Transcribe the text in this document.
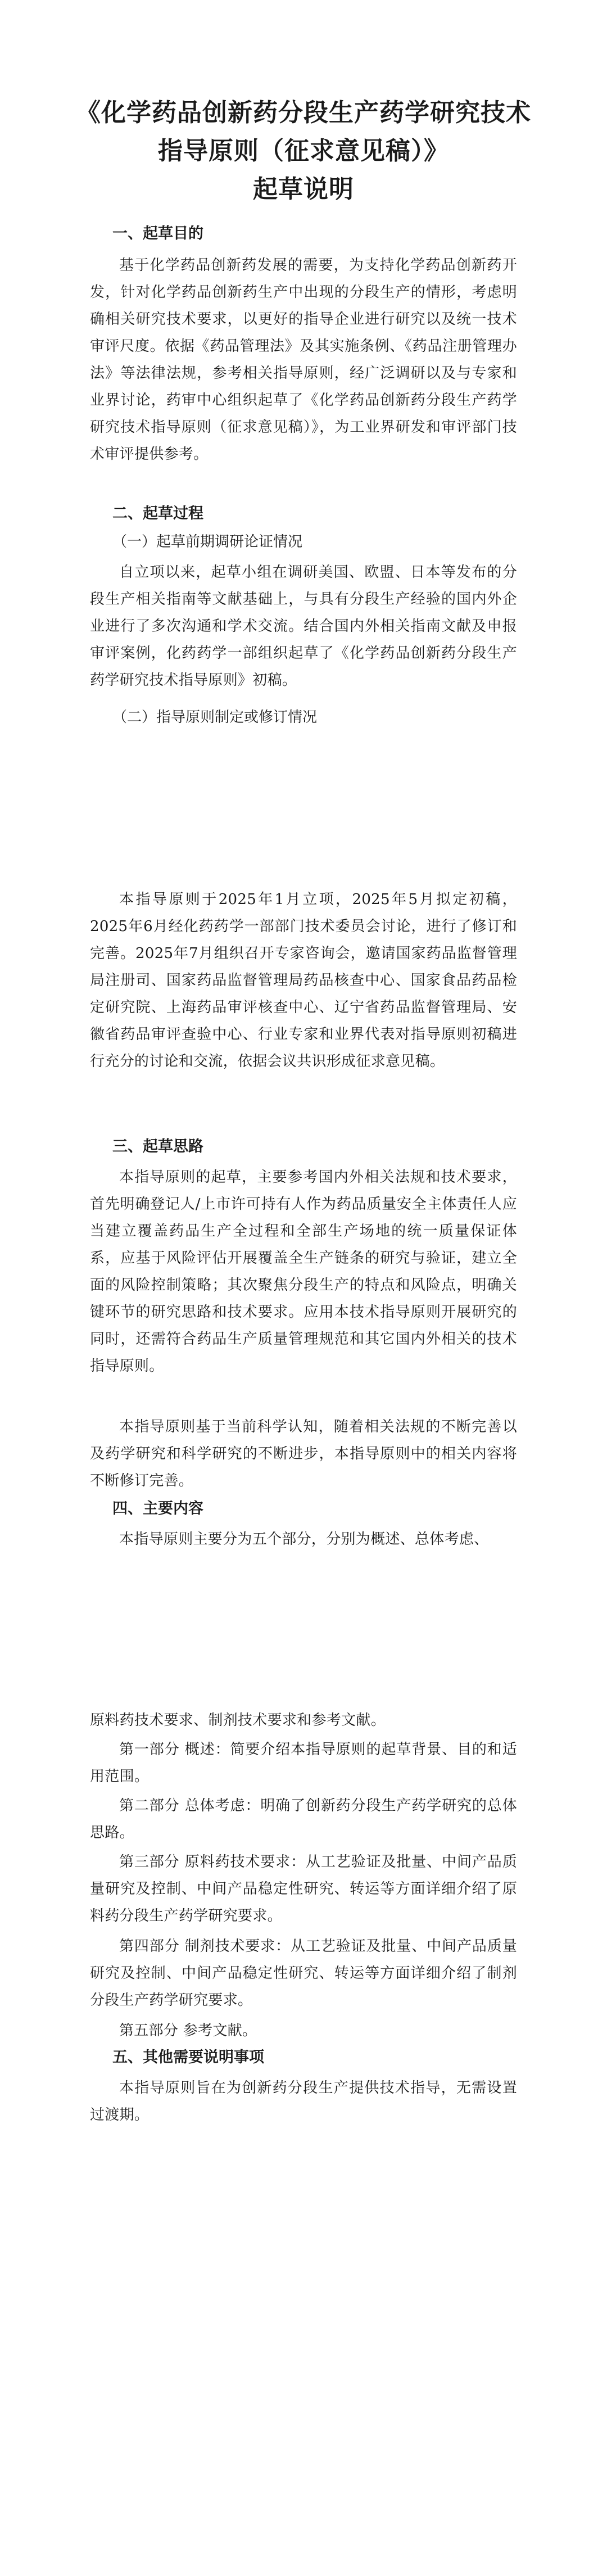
《化学药品创新药分段生产药学研究技术
指导原则（征求意见稿）》
起草说明
一、起草目的

基于化学药品创新药发展的需要，为支持化学药品创新药开发，针对化学药品创新药生产中出现的分段生产的情形，考虑明确相关研究技术要求，以更好的指导企业进行研究以及统一技术审评尺度。依据《药品管理法》及其实施条例、《药品注册管理办法》等法律法规，参考相关指导原则，经广泛调研以及与专家和业界讨论，药审中心组织起草了《化学药品创新药分段生产药学研究技术指导原则（征求意见稿）》，为工业界研发和审评部门技术审评提供参考。

二、起草过程
（一）起草前期调研论证情况

自立项以来，起草小组在调研美国、欧盟、日本等发布的分段生产相关指南等文献基础上，与具有分段生产经验的国内外企业进行了多次沟通和学术交流。结合国内外相关指南文献及申报审评案例，化药药学一部组织起草了《化学药品创新药分段生产药学研究技术指导原则》初稿。

（二）指导原则制定或修订情况

本指导原则于2025年1月立项，2025年5月拟定初稿，2025年6月经化药药学一部部门技术委员会讨论，进行了修订和完善。2025年7月组织召开专家咨询会，邀请国家药品监督管理局注册司、国家药品监督管理局药品核查中心、国家食品药品检定研究院、上海药品审评核查中心、辽宁省药品监督管理局、安徽省药品审评查验中心、行业专家和业界代表对指导原则初稿进行充分的讨论和交流，依据会议共识形成征求意见稿。

三、起草思路

本指导原则的起草，主要参考国内外相关法规和技术要求，首先明确登记人/上市许可持有人作为药品质量安全主体责任人应当建立覆盖药品生产全过程和全部生产场地的统一质量保证体系，应基于风险评估开展覆盖全生产链条的研究与验证，建立全面的风险控制策略；其次聚焦分段生产的特点和风险点，明确关键环节的研究思路和技术要求。应用本技术指导原则开展研究的同时，还需符合药品生产质量管理规范和其它国内外相关的技术指导原则。

本指导原则基于当前科学认知，随着相关法规的不断完善以及药学研究和科学研究的不断进步，本指导原则中的相关内容将不断修订完善。

四、主要内容

本指导原则主要分为五个部分，分别为概述、总体考虑、

原料药技术要求、制剂技术要求和参考文献。

第一部分 概述：简要介绍本指导原则的起草背景、目的和适用范围。

第二部分 总体考虑：明确了创新药分段生产药学研究的总体思路。

第三部分 原料药技术要求：从工艺验证及批量、中间产品质量研究及控制、中间产品稳定性研究、转运等方面详细介绍了原料药分段生产药学研究要求。

第四部分 制剂技术要求：从工艺验证及批量、中间产品质量研究及控制、中间产品稳定性研究、转运等方面详细介绍了制剂分段生产药学研究要求。

第五部分 参考文献。

五、其他需要说明事项

本指导原则旨在为创新药分段生产提供技术指导，无需设置过渡期。
